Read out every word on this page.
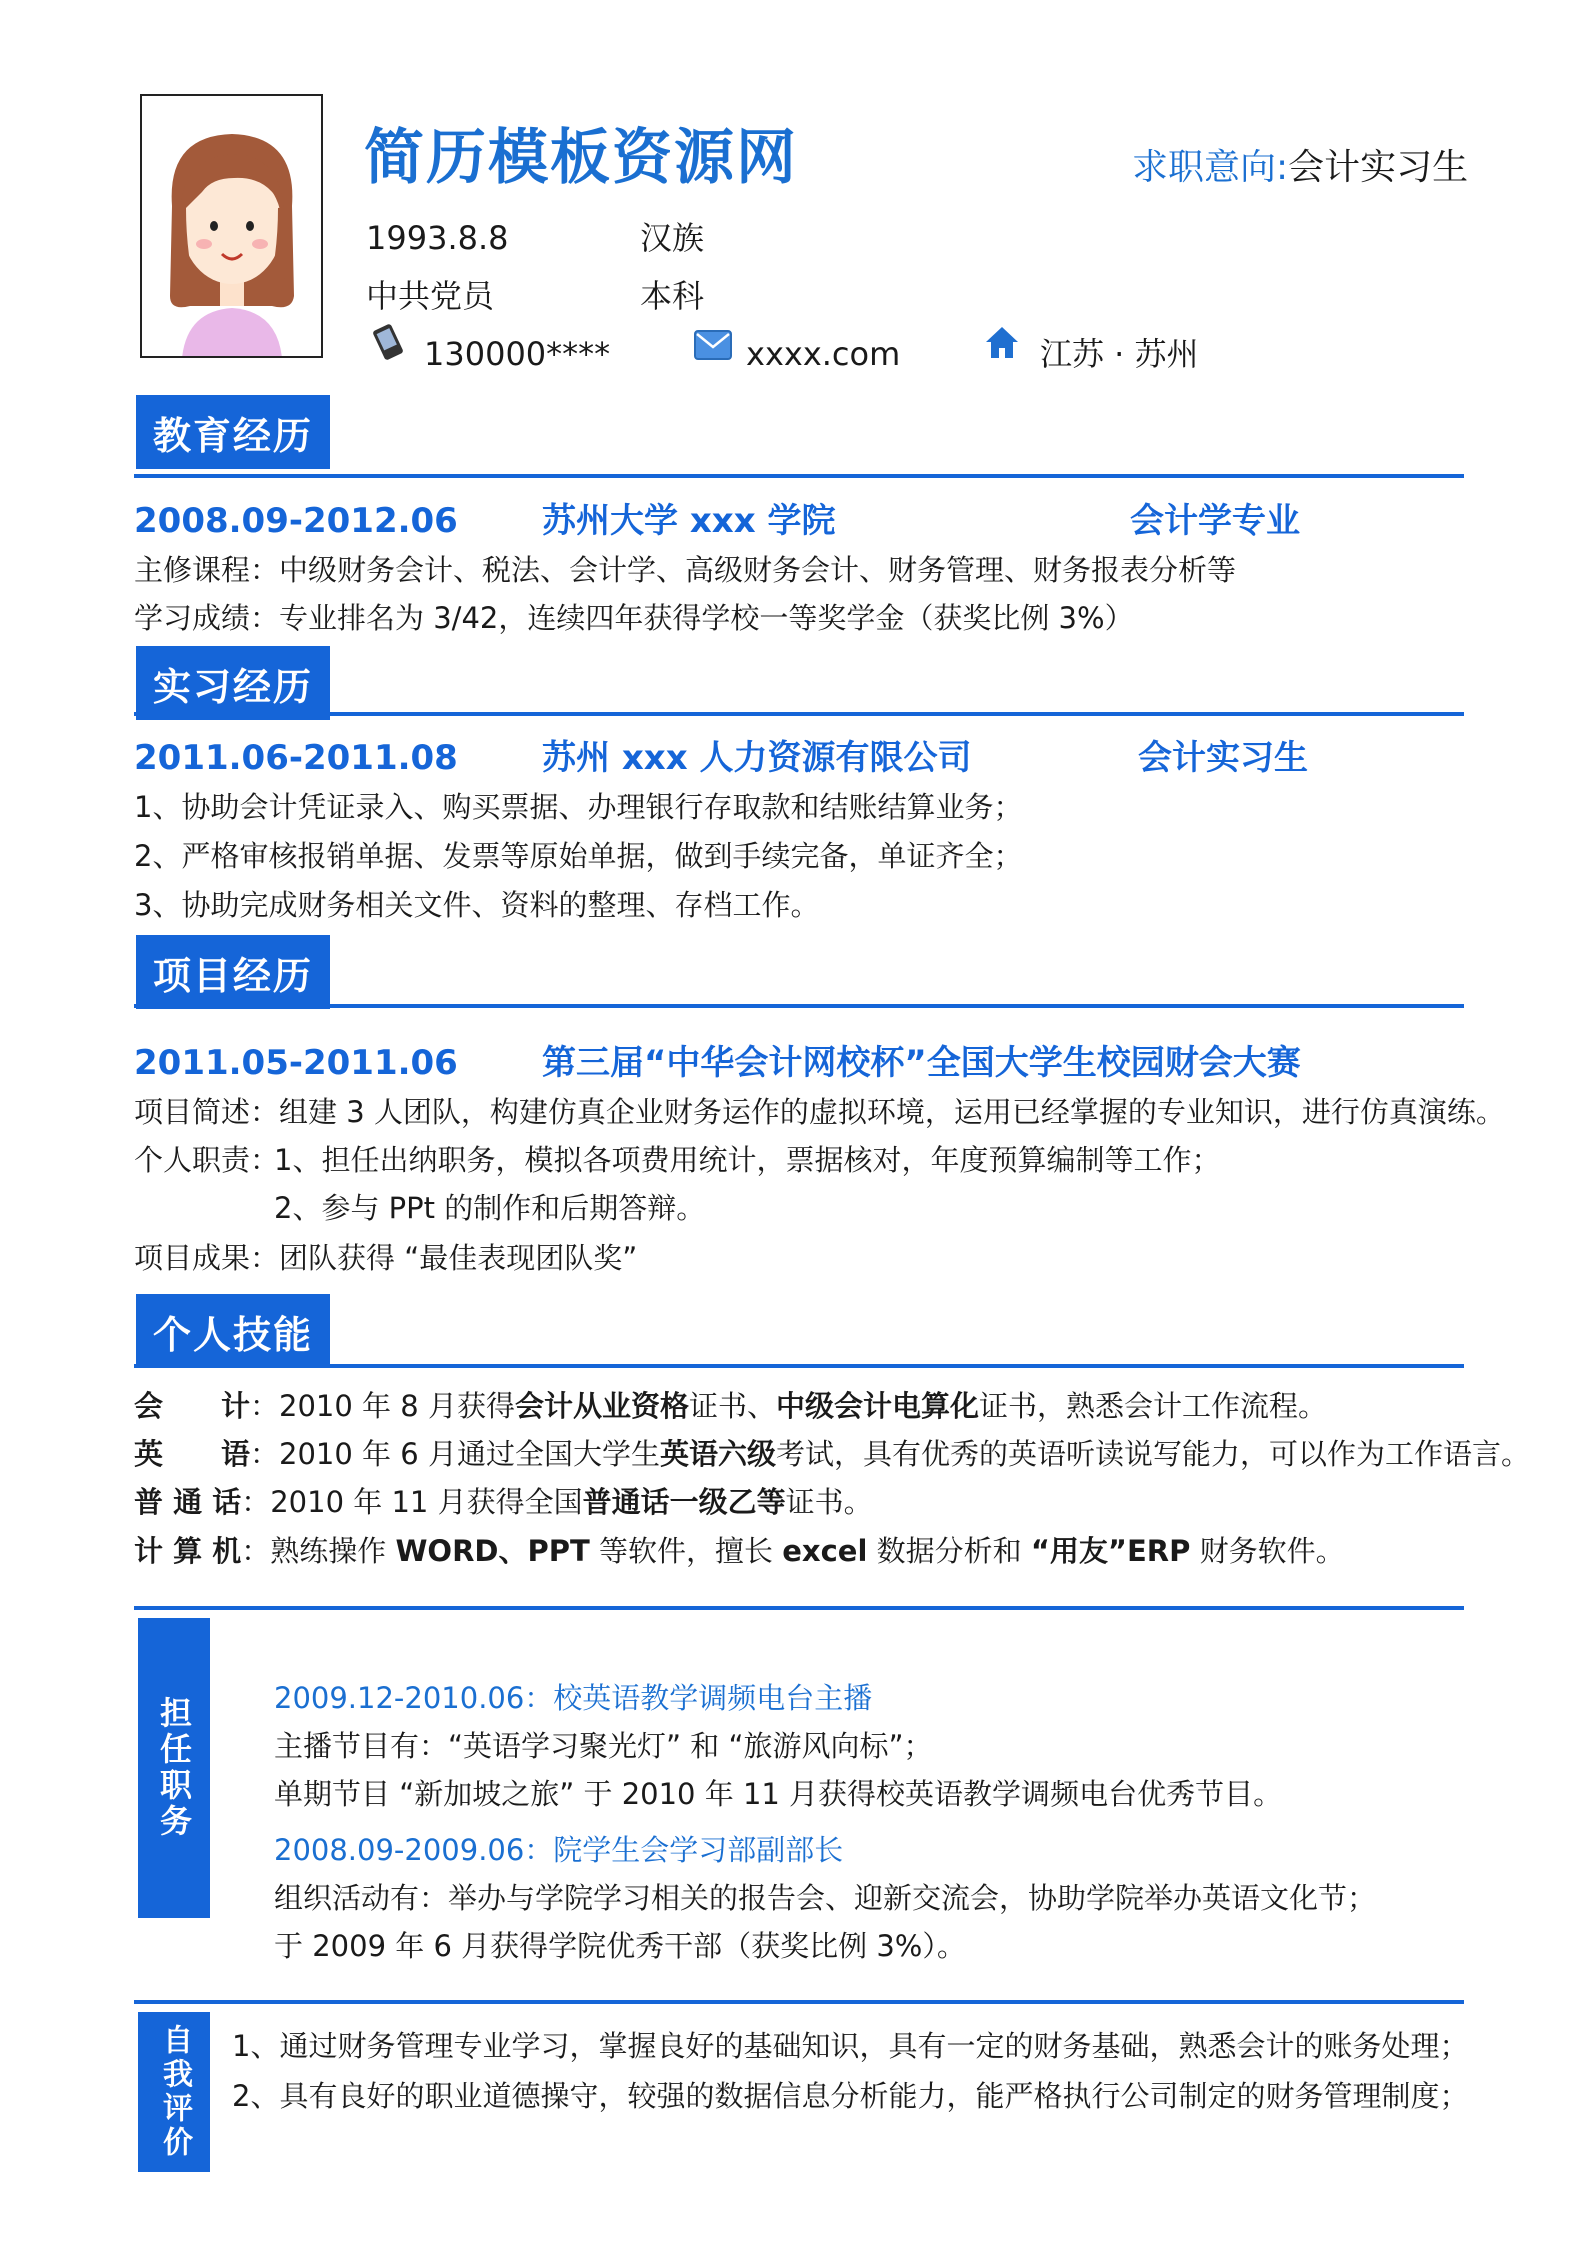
简历模板资源网	求职意向:会计实习生
1993.8.8	汉族
中共党员	本科
130000****	xxxx.com	江苏 · 苏州
教育经历
2008.09-2012.06 苏州大学 xxx 学院	会计学专业
主修课程：中级财务会计、税法、会计学、高级财务会计、财务管理、财务报表分析等
学习成绩：专业排名为 3/42，连续四年获得学校一等奖学金（获奖比例 3%）
实习经历
2011.06-2011.08 苏州 xxx 人力资源有限公司	会计实习生
1、协助会计凭证录入、购买票据、办理银行存取款和结账结算业务；
2、严格审核报销单据、发票等原始单据，做到手续完备，单证齐全；
3、协助完成财务相关文件、资料的整理、存档工作。
项目经历
2011.05-2011.06 第三届“中华会计网校杯”全国大学生校园财会大赛
项目简述：组建 3 人团队，构建仿真企业财务运作的虚拟环境，运用已经掌握的专业知识，进行仿真演练。
个人职责：
1、担任出纳职务，模拟各项费用统计，票据核对，年度预算编制等工作；
2、参与 PPt 的制作和后期答辩。
项目成果：团队获得 “最佳表现团队奖”
个人技能
会　　计：2010 年 8 月获得会计从业资格证书、中级会计电算化证书，熟悉会计工作流程。
英　　语：2010 年 6 月通过全国大学生英语六级考试，具有优秀的英语听读说写能力，可以作为工作语言。
普 通 话：2010 年 11 月获得全国普通话一级乙等证书。
计 算 机：熟练操作 WORD、PPT 等软件，擅长 excel 数据分析和 “用友”ERP 财务软件。
担任职务	2009.12-2010.06：校英语教学调频电台主播
主播节目有：“英语学习聚光灯” 和 “旅游风向标”；
单期节目 “新加坡之旅” 于 2010 年 11 月获得校英语教学调频电台优秀节目。
2008.09-2009.06：院学生会学习部副部长
组织活动有：举办与学院学习相关的报告会、迎新交流会，协助学院举办英语文化节；
于 2009 年 6 月获得学院优秀干部（获奖比例 3%）。
自我评价 1、通过财务管理专业学习，掌握良好的基础知识，具有一定的财务基础，熟悉会计的账务处理；
2、具有良好的职业道德操守，较强的数据信息分析能力，能严格执行公司制定的财务管理制度；
